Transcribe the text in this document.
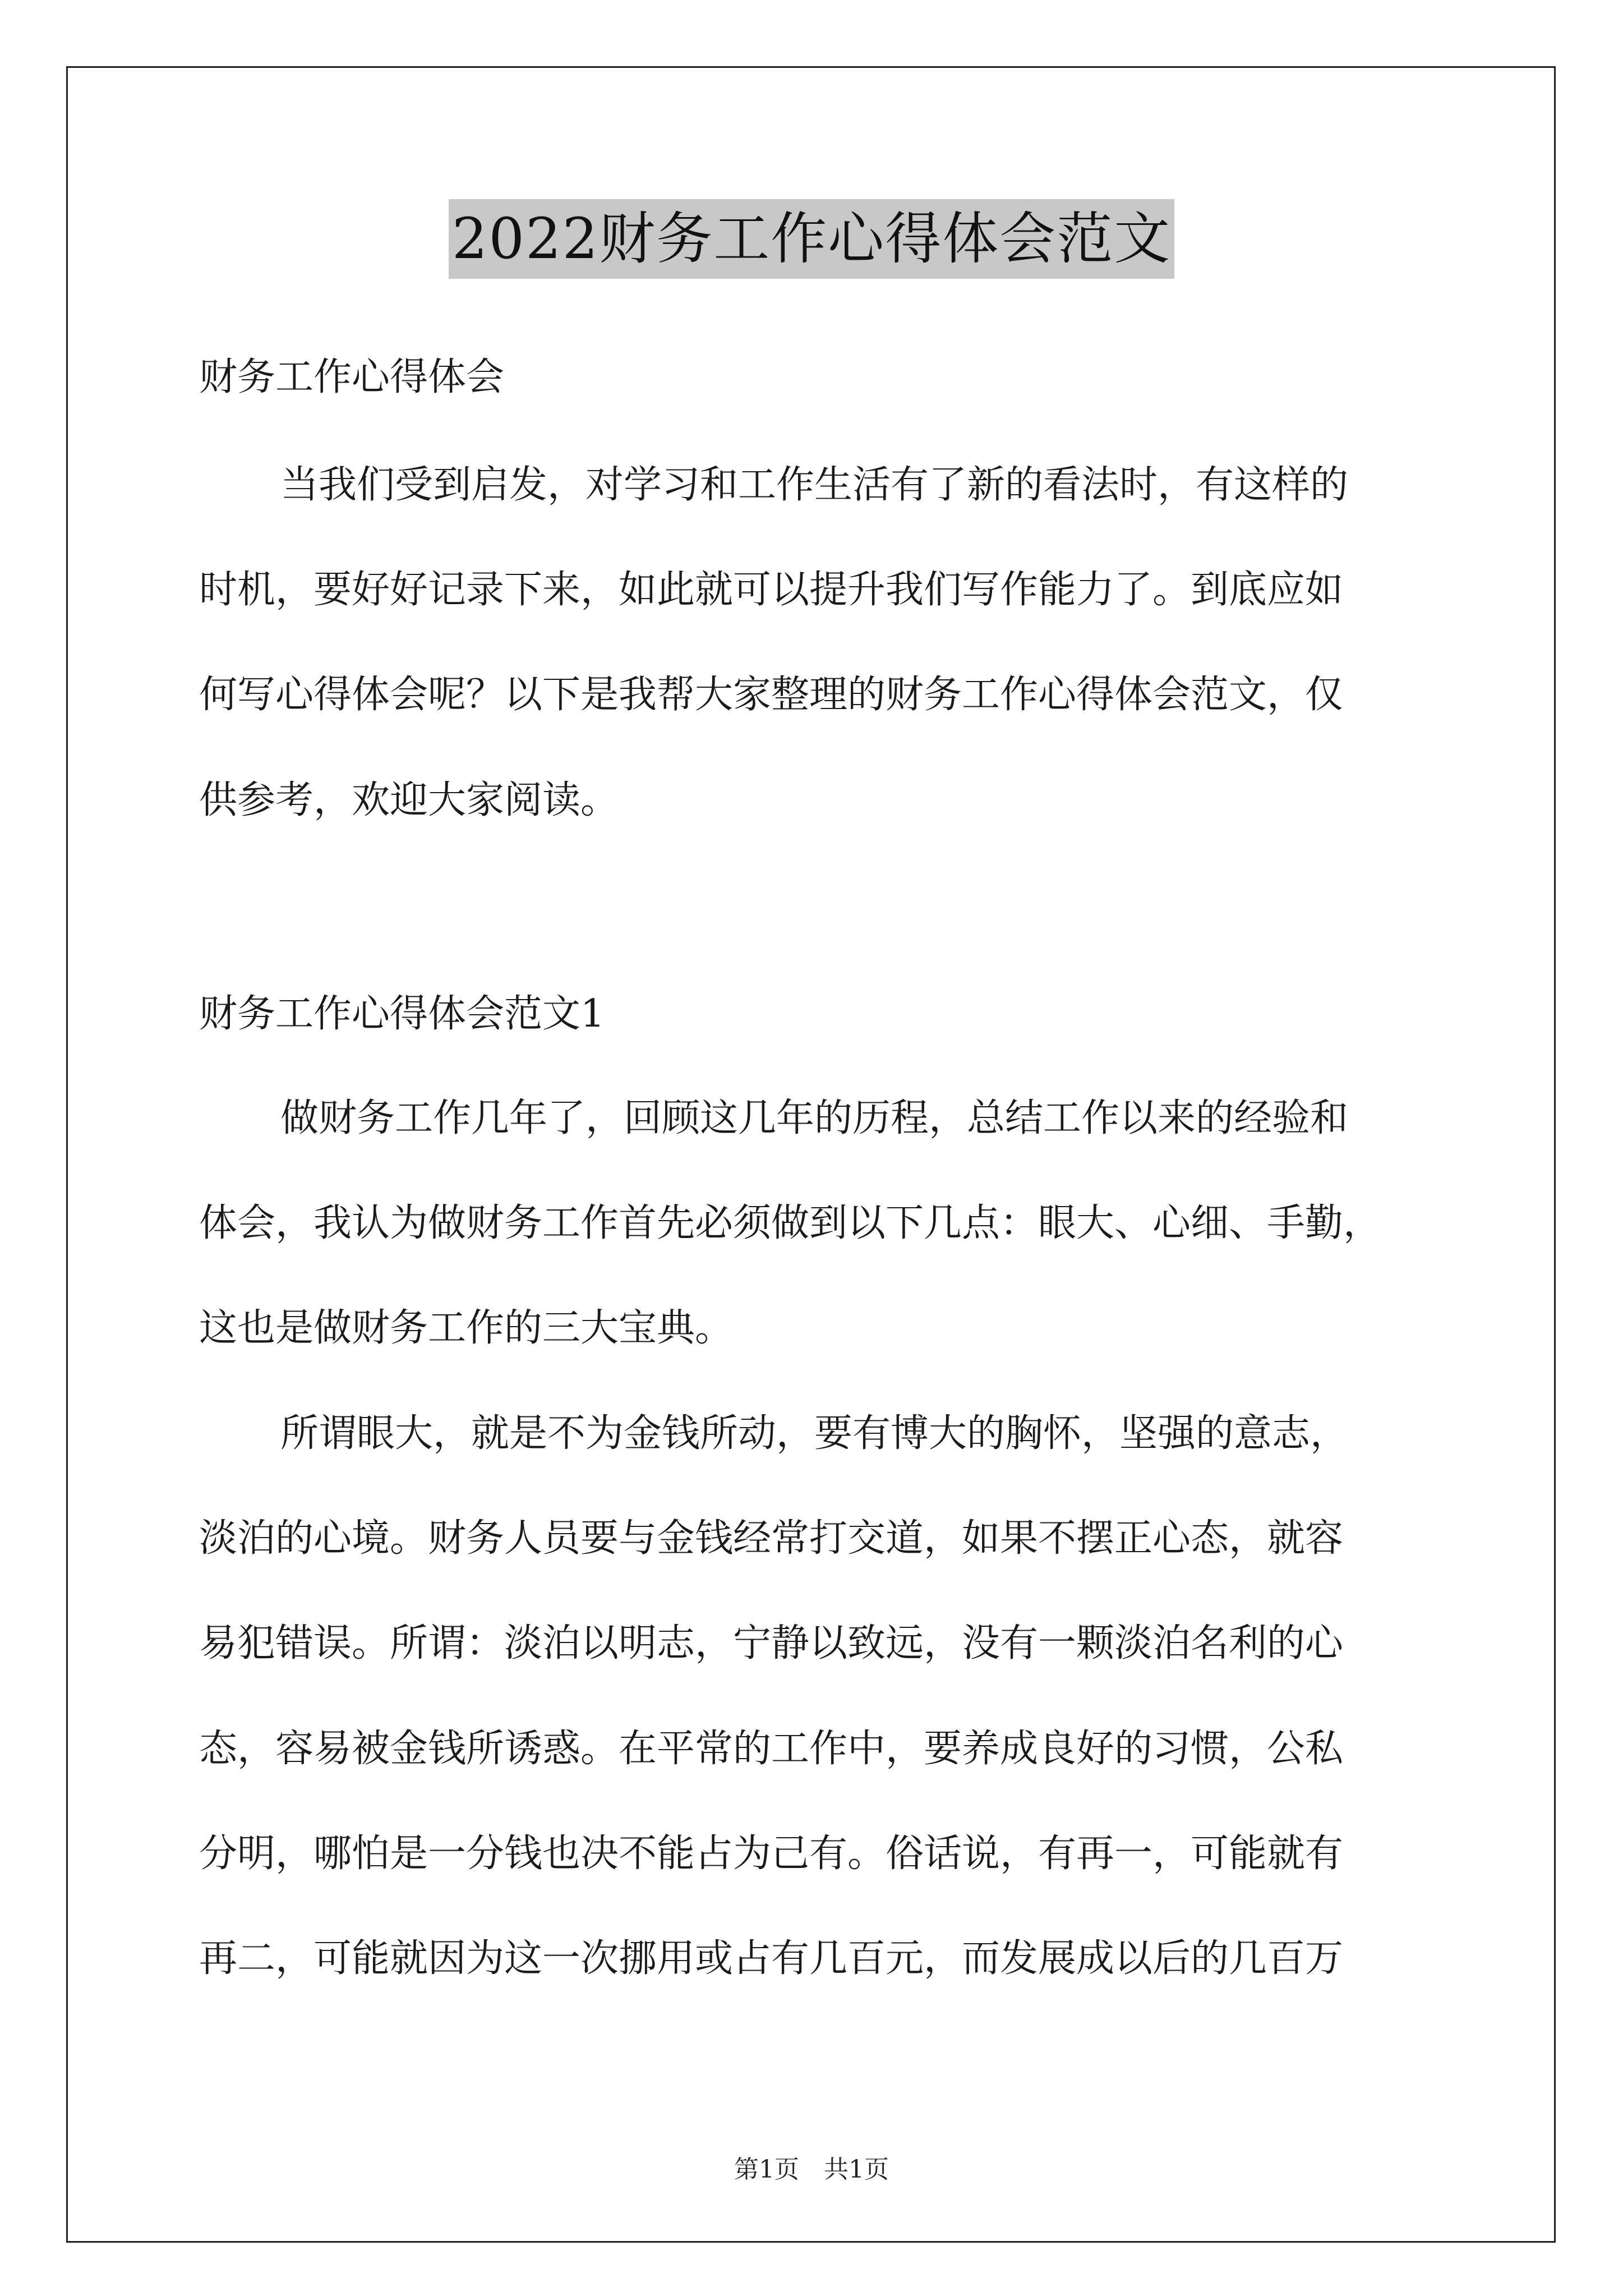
2022财务工作心得体会范文
财务工作心得体会
当我们受到启发，对学习和工作生活有了新的看法时，有这样的
时机，要好好记录下来，如此就可以提升我们写作能力了。到底应如
何写心得体会呢？以下是我帮大家整理的财务工作心得体会范文，仅
供参考，欢迎大家阅读。
财务工作心得体会范文1
做财务工作几年了，回顾这几年的历程，总结工作以来的经验和
体会，我认为做财务工作首先必须做到以下几点：眼大、心细、手勤，
这也是做财务工作的三大宝典。
所谓眼大，就是不为金钱所动，要有博大的胸怀，坚强的意志，
淡泊的心境。财务人员要与金钱经常打交道，如果不摆正心态，就容
易犯错误。所谓：淡泊以明志，宁静以致远，没有一颗淡泊名利的心
态，容易被金钱所诱惑。在平常的工作中，要养成良好的习惯，公私
分明，哪怕是一分钱也决不能占为己有。俗话说，有再一，可能就有
再二，可能就因为这一次挪用或占有几百元，而发展成以后的几百万
第1页　共1页
